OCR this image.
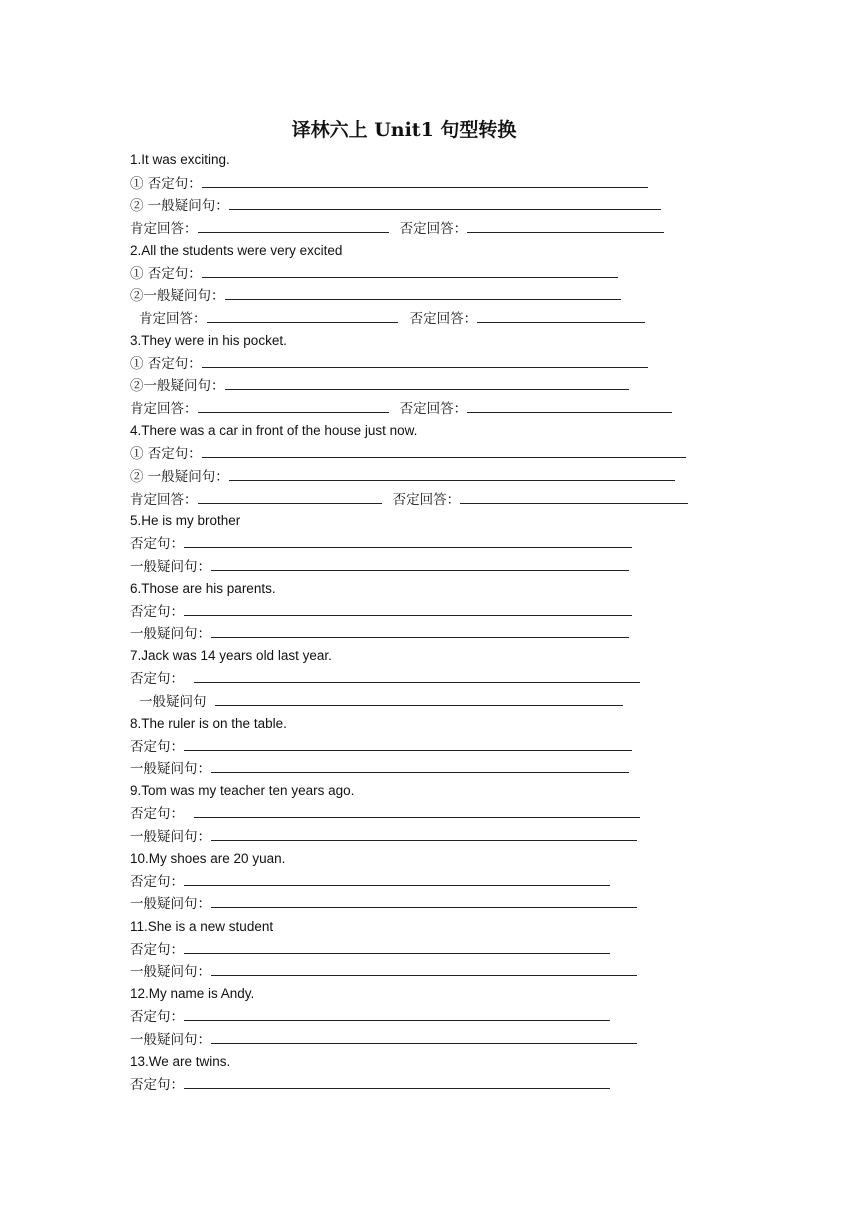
译林六上 Unit1 句型转换
1.It was exciting.
① 否定句：
② 一般疑问句：
肯定回答：	否定回答：
2.All the students were very excited
① 否定句：
②一般疑问句：
肯定回答：	否定回答：
3.They were in his pocket.
① 否定句：
②一般疑问句：
肯定回答：	否定回答：
4.There was a car in front of the house just now.
① 否定句：
② 一般疑问句：
肯定回答：	否定回答：
5.He is my brother
否定句：
一般疑问句：
6.Those are his parents.
否定句：
一般疑问句：
7.Jack was 14 years old last year.
否定句：
一般疑问句
8.The ruler is on the table.
否定句：
一般疑问句：
9.Tom was my teacher ten years ago.
否定句：
一般疑问句：
10.My shoes are 20 yuan.
否定句：
一般疑问句：
11.She is a new student
否定句：
一般疑问句：
12.My name is Andy.
否定句：
一般疑问句：
13.We are twins.
否定句：
